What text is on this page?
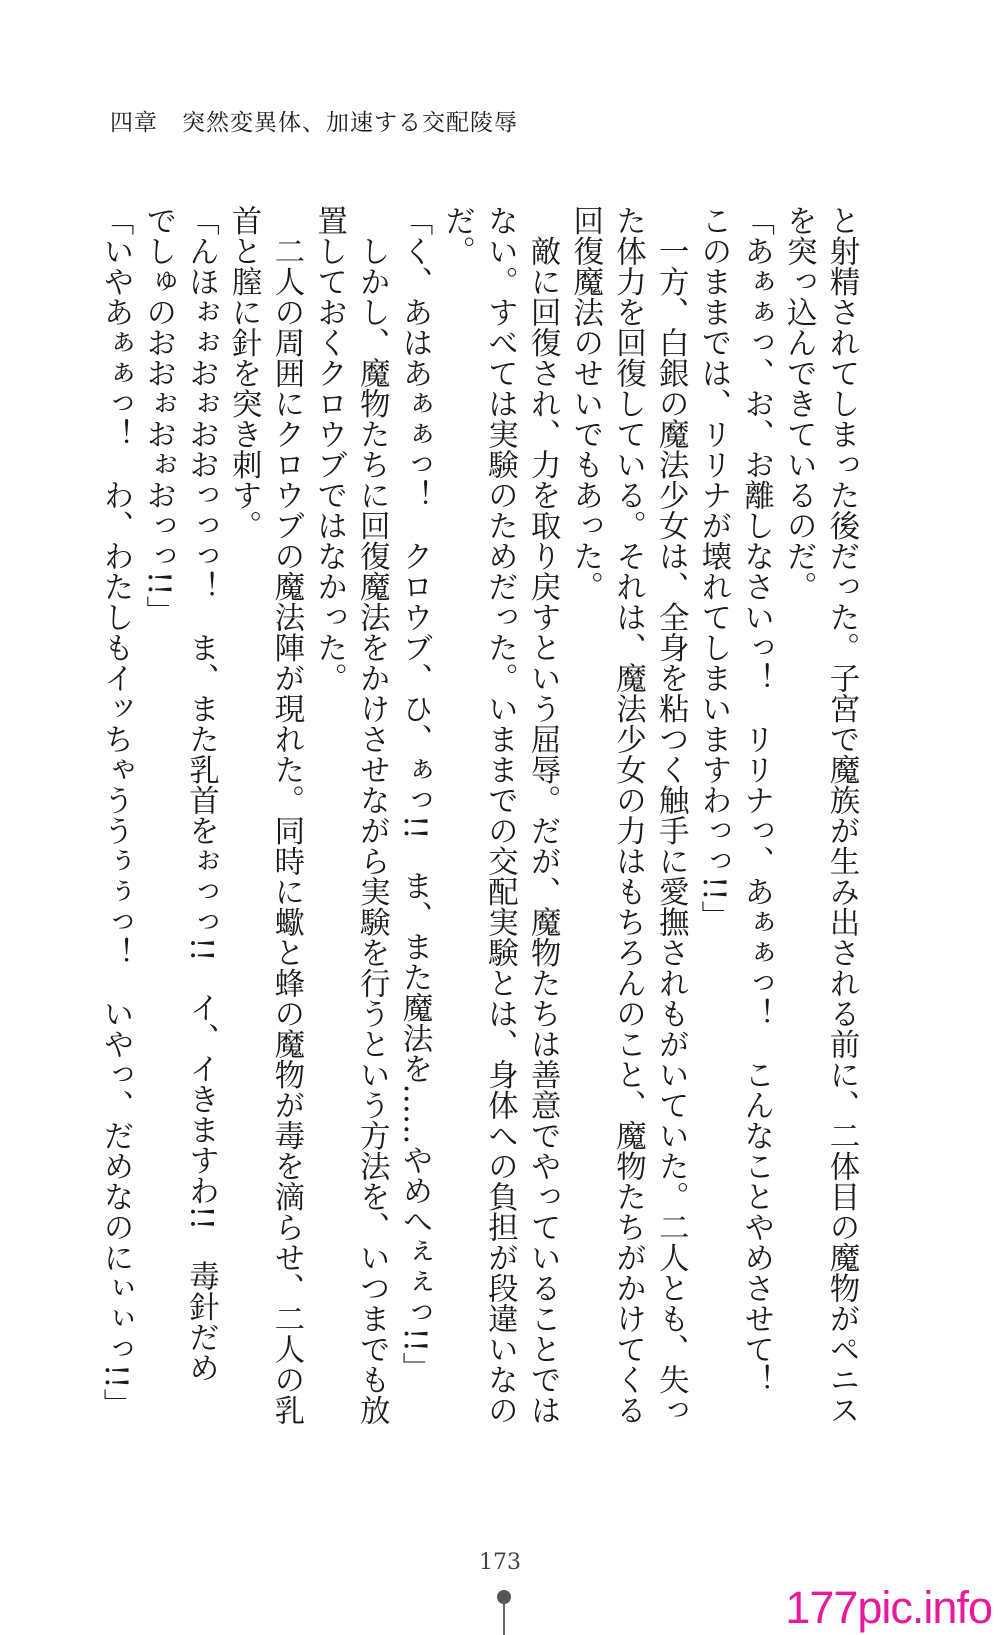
四章　突然変異体、加速する交配陵辱
と射精されてしまった後だった。子宮で魔族が生み出される前に、二体目の魔物がペニス
を突っ込んできているのだ。
「あぁぁっ、お、お離しなさいっ！　リリナっ、あぁぁっ！　こんなことやめさせて！
このままでは、リリナが壊れてしまいますわっっ!!」
　一方、白銀の魔法少女は、全身を粘つく触手に愛撫されもがいていた。二人とも、失っ
た体力を回復している。それは、魔法少女の力はもちろんのこと、魔物たちがかけてくる
回復魔法のせいでもあった。
　敵に回復され、力を取り戻すという屈辱。だが、魔物たちは善意でやっていることでは
ない。すべては実験のためだった。いままでの交配実験とは、身体への負担が段違いなの
だ。
「く、あはあぁぁっ！　クロウブ、ひ、ぁっ!!　ま、また魔法を……やめへぇぇっ!!」
　しかし、魔物たちに回復魔法をかけさせながら実験を行うという方法を、いつまでも放
置しておくクロウブではなかった。
　二人の周囲にクロウブの魔法陣が現れた。同時に蠍と蜂の魔物が毒を滴らせ、二人の乳
首と膣に針を突き刺す。
「んほぉぉおぉおおっっっ！　ま、また乳首をぉっっ!!　イ、イきますわ!!　毒針だめ
でしゅのおおぉおぉおっっ!!」
「いやあぁぁっ！　わ、わたしもイッちゃううぅぅっ！　いやっ、だめなのにぃぃっ!!」
173
177pic.info
